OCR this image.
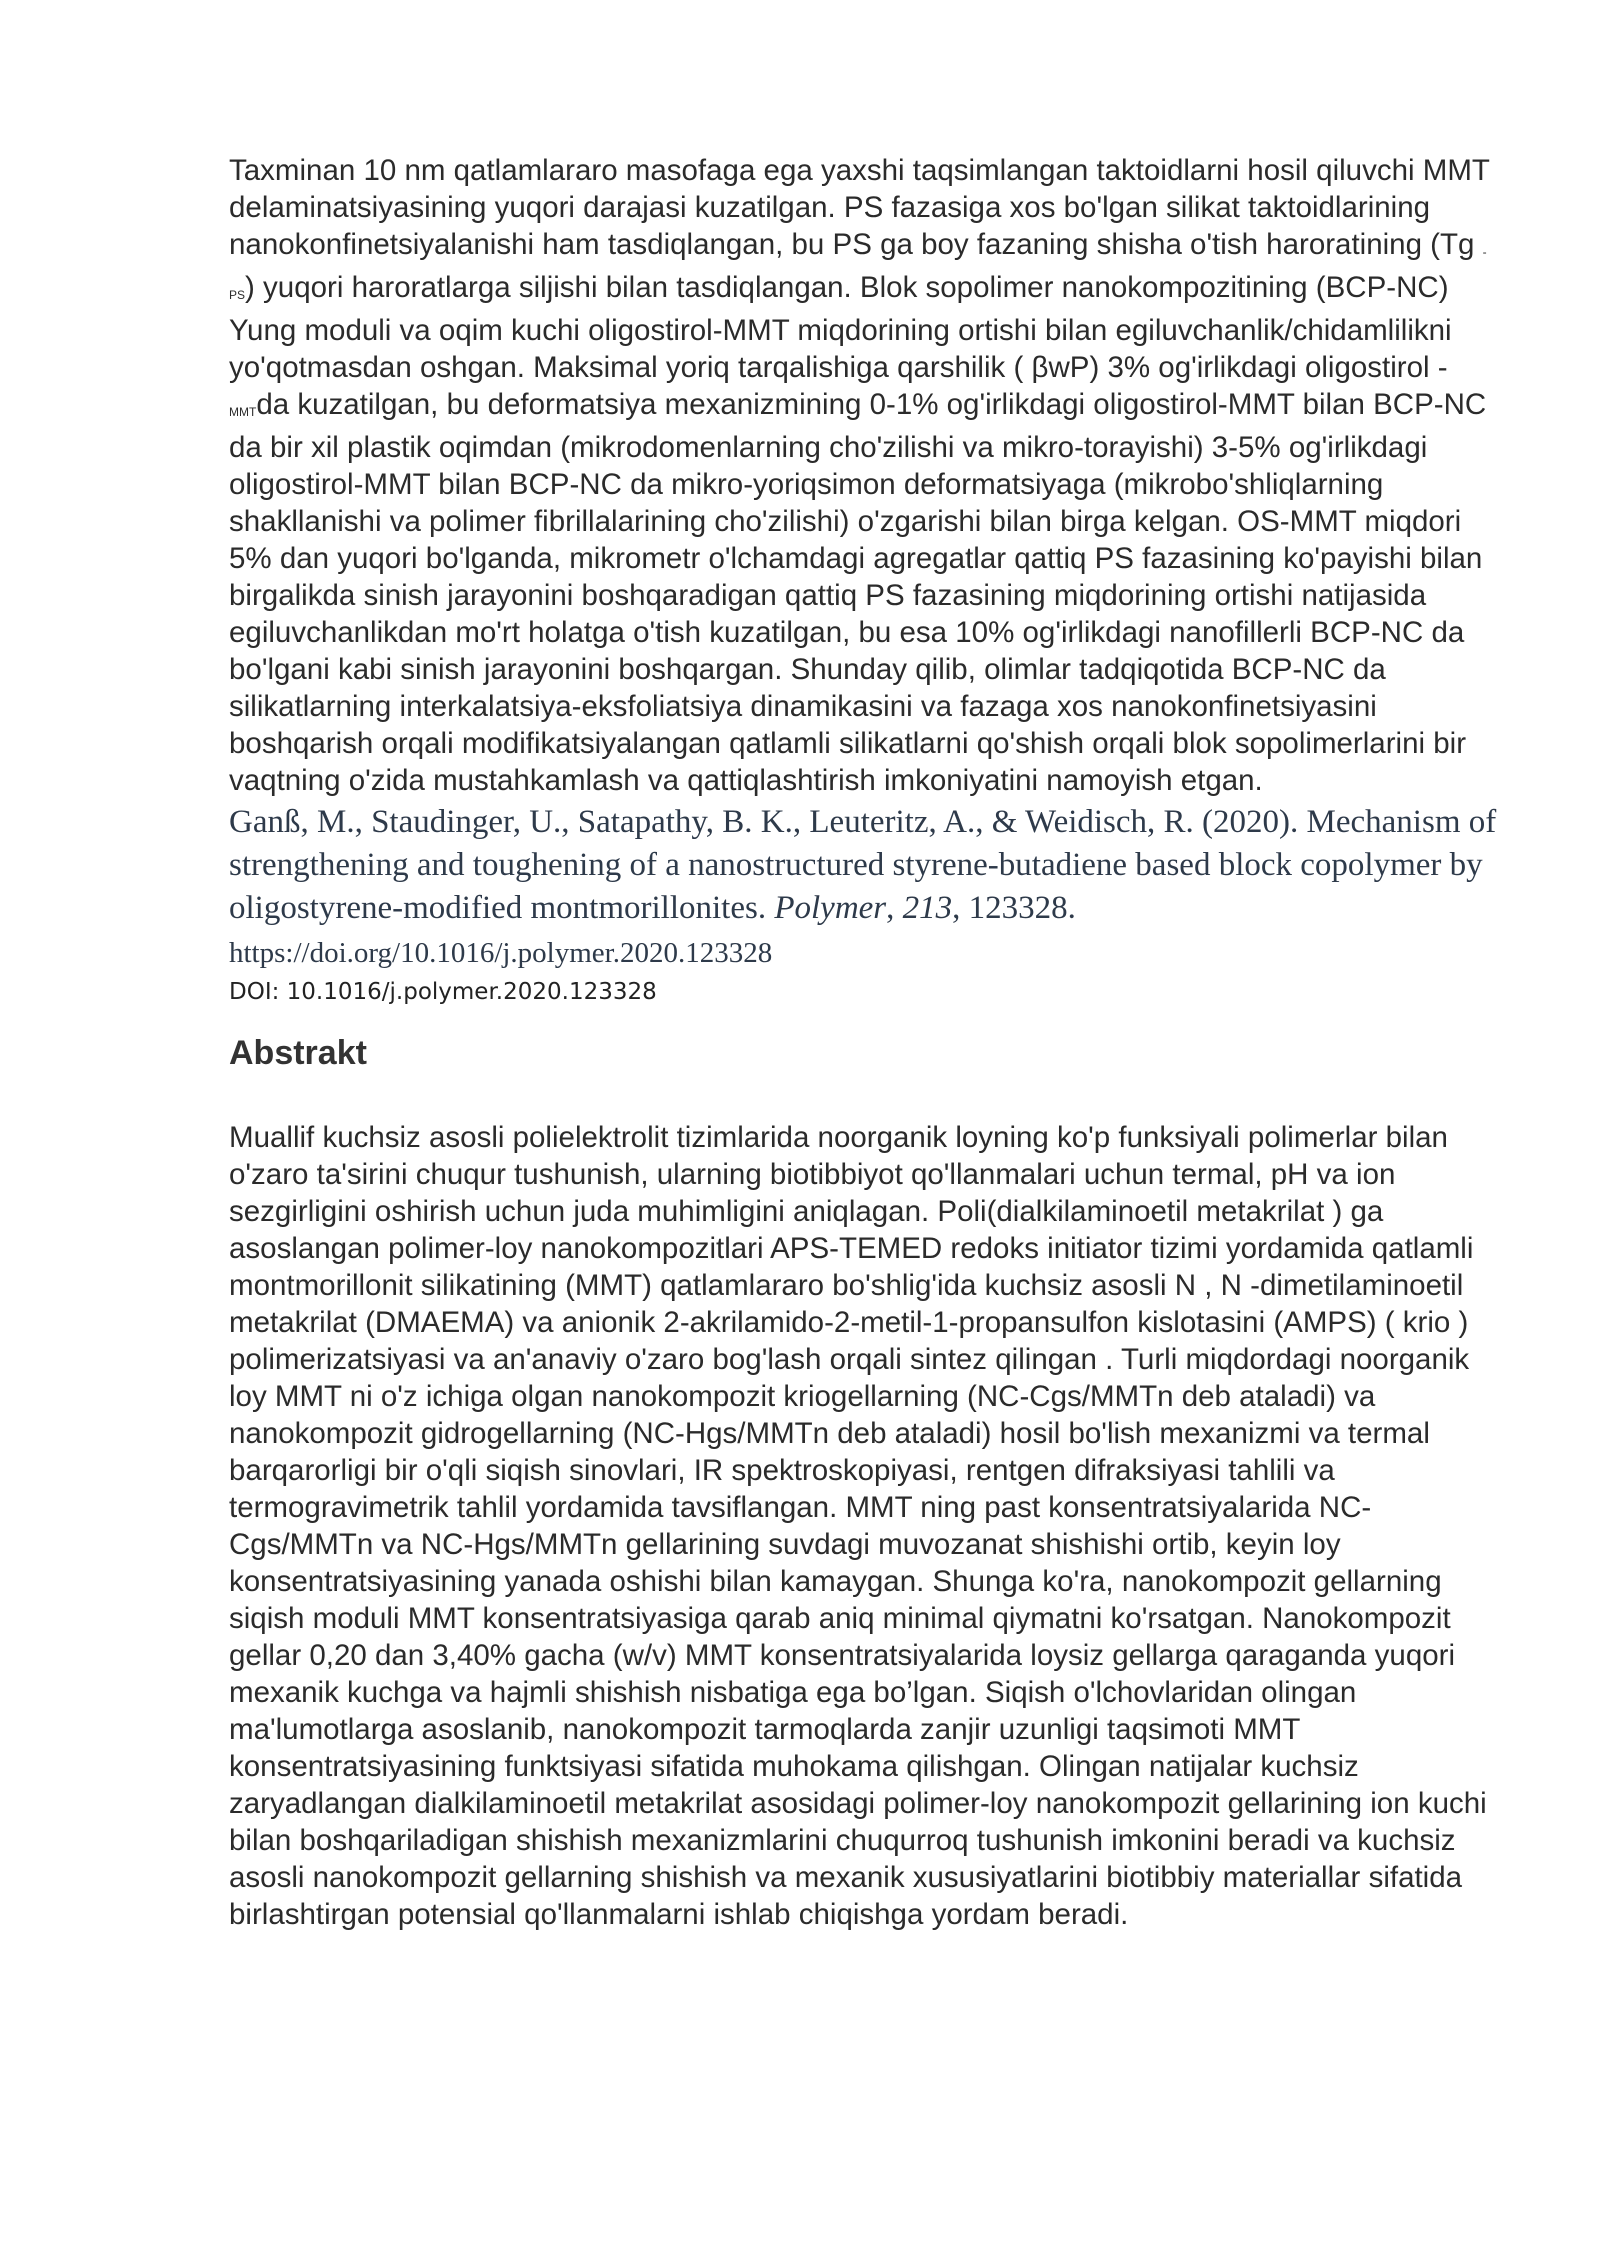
Taxminan 10 nm qatlamlararo masofaga ega yaxshi taqsimlangan taktoidlarni hosil qiluvchi MMT delaminatsiyasining yuqori darajasi kuzatilgan. PS fazasiga xos bo'lgan silikat taktoidlarining nanokonfinetsiyalanishi ham tasdiqlangan, bu PS ga boy fazaning shisha o'tish haroratining (Tg -PS) yuqori haroratlarga siljishi bilan tasdiqlangan. Blok sopolimer nanokompozitining (BCP-NC) Yung moduli va oqim kuchi oligostirol-MMT miqdorining ortishi bilan egiluvchanlik/chidamlilikni yo'qotmasdan oshgan. Maksimal yoriq tarqalishiga qarshilik ( βwP) 3% og'irlikdagi oligostirol - MMTda kuzatilgan, bu deformatsiya mexanizmining 0-1% og'irlikdagi oligostirol-MMT bilan BCP-NC da bir xil plastik oqimdan (mikrodomenlarning cho'zilishi va mikro-torayishi) 3-5% og'irlikdagi oligostirol-MMT bilan BCP-NC da mikro-yoriqsimon deformatsiyaga (mikrobo'shliqlarning shakllanishi va polimer fibrillalarining cho'zilishi) o'zgarishi bilan birga kelgan. OS-MMT miqdori 5% dan yuqori bo'lganda, mikrometr o'lchamdagi agregatlar qattiq PS fazasining ko'payishi bilan birgalikda sinish jarayonini boshqaradigan qattiq PS fazasining miqdorining ortishi natijasida egiluvchanlikdan mo'rt holatga o'tish kuzatilgan, bu esa 10% og'irlikdagi nanofillerli BCP-NC da bo'lgani kabi sinish jarayonini boshqargan. Shunday qilib, olimlar tadqiqotida BCP-NC da silikatlarning interkalatsiya-eksfoliatsiya dinamikasini va fazaga xos nanokonfinetsiyasini boshqarish orqali modifikatsiyalangan qatlamli silikatlarni qo'shish orqali blok sopolimerlarini bir vaqtning o'zida mustahkamlash va qattiqlashtirish imkoniyatini namoyish etgan.

Ganß, M., Staudinger, U., Satapathy, B. K., Leuteritz, A., & Weidisch, R. (2020). Mechanism of strengthening and toughening of a nanostructured styrene-butadiene based block copolymer by oligostyrene-modified montmorillonites. Polymer, 213, 123328. https://doi.org/10.1016/j.polymer.2020.123328

DOI: 10.1016/j.polymer.2020.123328

Abstrakt

Muallif kuchsiz asosli polielektrolit tizimlarida noorganik loyning ko'p funksiyali polimerlar bilan o'zaro ta'sirini chuqur tushunish, ularning biotibbiyot qo'llanmalari uchun termal, pH va ion sezgirligini oshirish uchun juda muhimligini aniqlagan. Poli(dialkilaminoetil metakrilat ) ga asoslangan polimer-loy nanokompozitlari APS-TEMED redoks initiator tizimi yordamida qatlamli montmorillonit silikatining (MMT) qatlamlararo bo'shlig'ida kuchsiz asosli N , N -dimetilaminoetil metakrilat (DMAEMA) va anionik 2-akrilamido-2-metil-1-propansulfon kislotasini (AMPS) ( krio ) polimerizatsiyasi va an'anaviy o'zaro bog'lash orqali sintez qilingan . Turli miqdordagi noorganik loy MMT ni o'z ichiga olgan nanokompozit kriogellarning (NC-Cgs/MMTn deb ataladi) va nanokompozit gidrogellarning (NC-Hgs/MMTn deb ataladi) hosil bo'lish mexanizmi va termal barqarorligi bir o'qli siqish sinovlari, IR spektroskopiyasi, rentgen difraksiyasi tahlili va termogravimetrik tahlil yordamida tavsiflangan. MMT ning past konsentratsiyalarida NC-Cgs/MMTn va NC-Hgs/MMTn gellarining suvdagi muvozanat shishishi ortib, keyin loy konsentratsiyasining yanada oshishi bilan kamaygan. Shunga ko'ra, nanokompozit gellarning siqish moduli MMT konsentratsiyasiga qarab aniq minimal qiymatni ko'rsatgan. Nanokompozit gellar 0,20 dan 3,40% gacha (w/v) MMT konsentratsiyalarida loysiz gellarga qaraganda yuqori mexanik kuchga va hajmli shishish nisbatiga ega bo’lgan. Siqish o'lchovlaridan olingan ma'lumotlarga asoslanib, nanokompozit tarmoqlarda zanjir uzunligi taqsimoti MMT konsentratsiyasining funktsiyasi sifatida muhokama qilishgan. Olingan natijalar kuchsiz zaryadlangan dialkilaminoetil metakrilat asosidagi polimer-loy nanokompozit gellarining ion kuchi bilan boshqariladigan shishish mexanizmlarini chuqurroq tushunish imkonini beradi va kuchsiz asosli nanokompozit gellarning shishish va mexanik xususiyatlarini biotibbiy materiallar sifatida birlashtirgan potensial qo'llanmalarni ishlab chiqishga yordam beradi.
